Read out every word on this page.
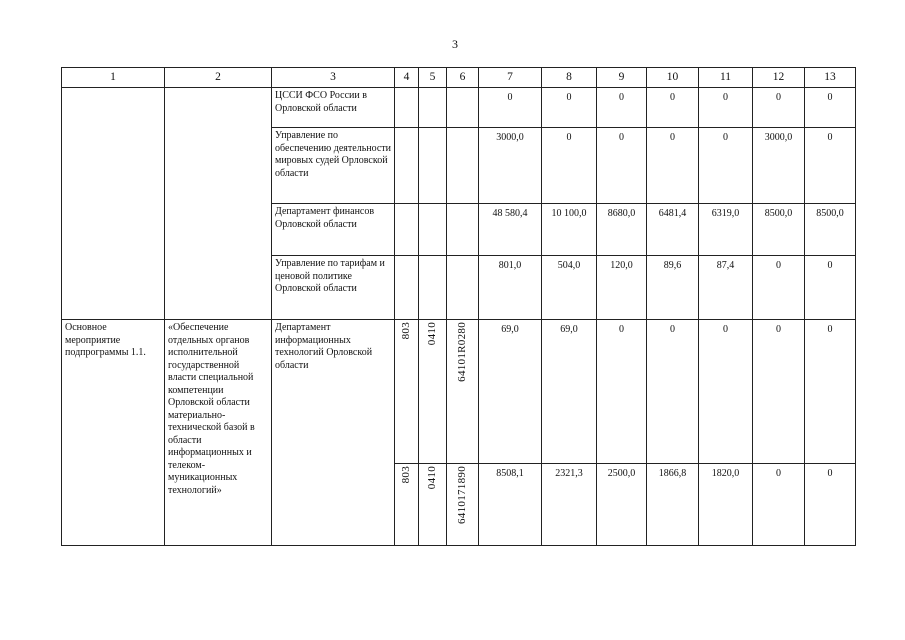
3
1	2	3	4	5	6	7	8	9	10	11	12	13
		ЦССИ ФСО России в Орловской области				0	0	0	0	0	0	0
		Управление по обеспечению деятельности мировых судей Орловской области				3000,0	0	0	0	0	3000,0	0
		Департамент финансов Орловской области				48 580,4	10 100,0	8680,0	6481,4	6319,0	8500,0	8500,0
		Управление по тарифам и ценовой политике Орловской области				801,0	504,0	120,0	89,6	87,4	0	0
Основное мероприятие подпрограммы 1.1.	«Обеспечение отдельных органов исполнительной государственной власти специальной компетенции Орловской области материально-технической базой в области информационных и телеком-муникационных технологий»	Департамент информационных технологий Орловской области	803	0410	64101R0280	69,0	69,0	0	0	0	0	0

			803	0410	6410171890	8508,1	2321,3	2500,0	1866,8	1820,0	0	0
